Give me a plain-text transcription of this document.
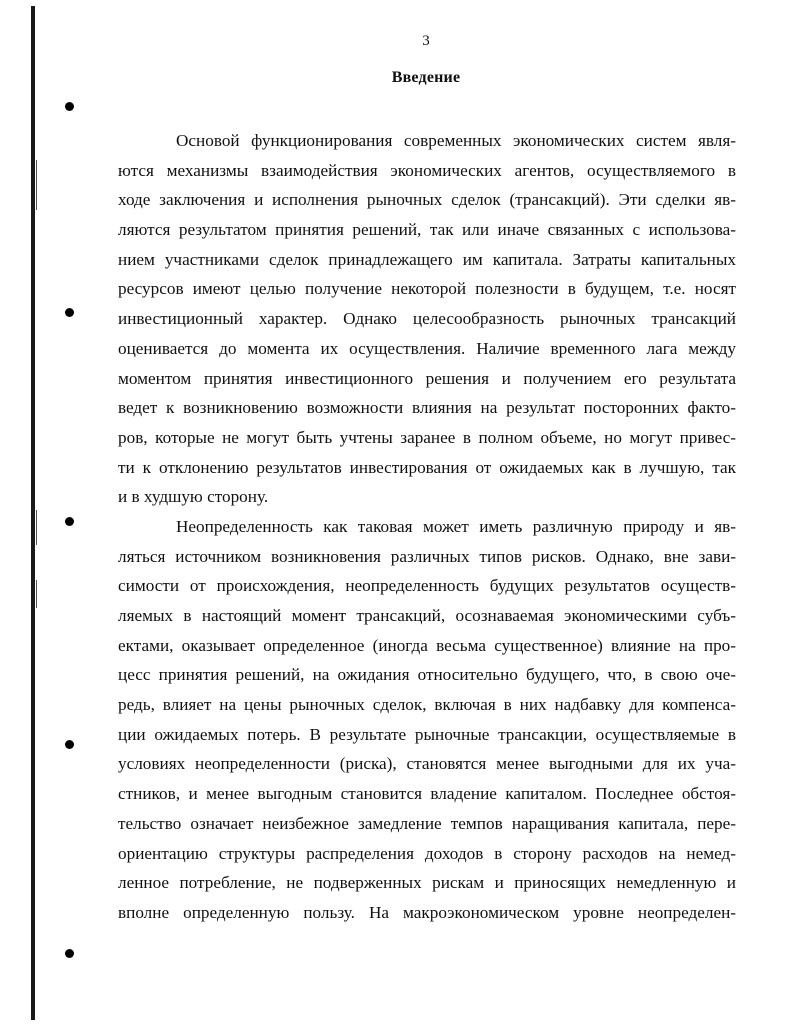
3
Введение
Основой функционирования современных экономических систем явля-
ются механизмы взаимодействия экономических агентов, осуществляемого в
ходе заключения и исполнения рыночных сделок (трансакций). Эти сделки яв-
ляются результатом принятия решений, так или иначе связанных с использова-
нием участниками сделок принадлежащего им капитала. Затраты капитальных
ресурсов имеют целью получение некоторой полезности в будущем, т.е. носят
инвестиционный характер. Однако целесообразность рыночных трансакций
оценивается до момента их осуществления. Наличие временного лага между
моментом принятия инвестиционного решения и получением его результата
ведет к возникновению возможности влияния на результат посторонних факто-
ров, которые не могут быть учтены заранее в полном объеме, но могут привес-
ти к отклонению результатов инвестирования от ожидаемых как в лучшую, так
и в худшую сторону.
Неопределенность как таковая может иметь различную природу и яв-
ляться источником возникновения различных типов рисков. Однако, вне зави-
симости от происхождения, неопределенность будущих результатов осуществ-
ляемых в настоящий момент трансакций, осознаваемая экономическими субъ-
ектами, оказывает определенное (иногда весьма существенное) влияние на про-
цесс принятия решений, на ожидания относительно будущего, что, в свою оче-
редь, влияет на цены рыночных сделок, включая в них надбавку для компенса-
ции ожидаемых потерь. В результате рыночные трансакции, осуществляемые в
условиях неопределенности (риска), становятся менее выгодными для их уча-
стников, и менее выгодным становится владение капиталом. Последнее обстоя-
тельство означает неизбежное замедление темпов наращивания капитала, пере-
ориентацию структуры распределения доходов в сторону расходов на немед-
ленное потребление, не подверженных рискам и приносящих немедленную и
вполне определенную пользу. На макроэкономическом уровне неопределен-
